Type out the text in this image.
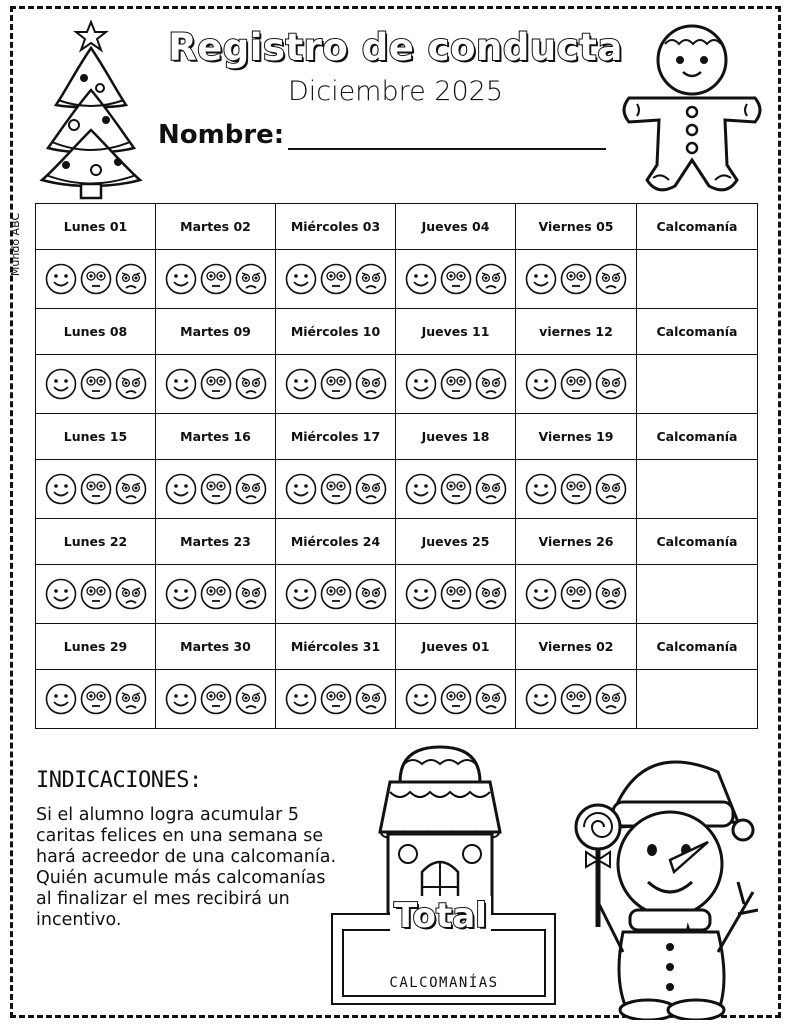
Registro de conducta
Diciembre 2025
Nombre:
Mundo ABC	Lunes 01	Martes 02	Miércoles 03	Jueves 04	Viernes 05	Calcomanía

Lunes 08	Martes 09	Miércoles 10	Jueves 11	viernes 12	Calcomanía

Lunes 15	Martes 16	Miércoles 17	Jueves 18	Viernes 19	Calcomanía

Lunes 22	Martes 23	Miércoles 24	Jueves 25	Viernes 26	Calcomanía

Lunes 29	Martes 30	Miércoles 31	Jueves 01	Viernes 02	Calcomanía

INDICACIONES:
Si el alumno logra acumular 5 caritas felices en una semana se hará acreedor de una calcomanía. Quién acumule más calcomanías al finalizar el mes recibirá un incentivo.	Total
CALCOMANÍAS
